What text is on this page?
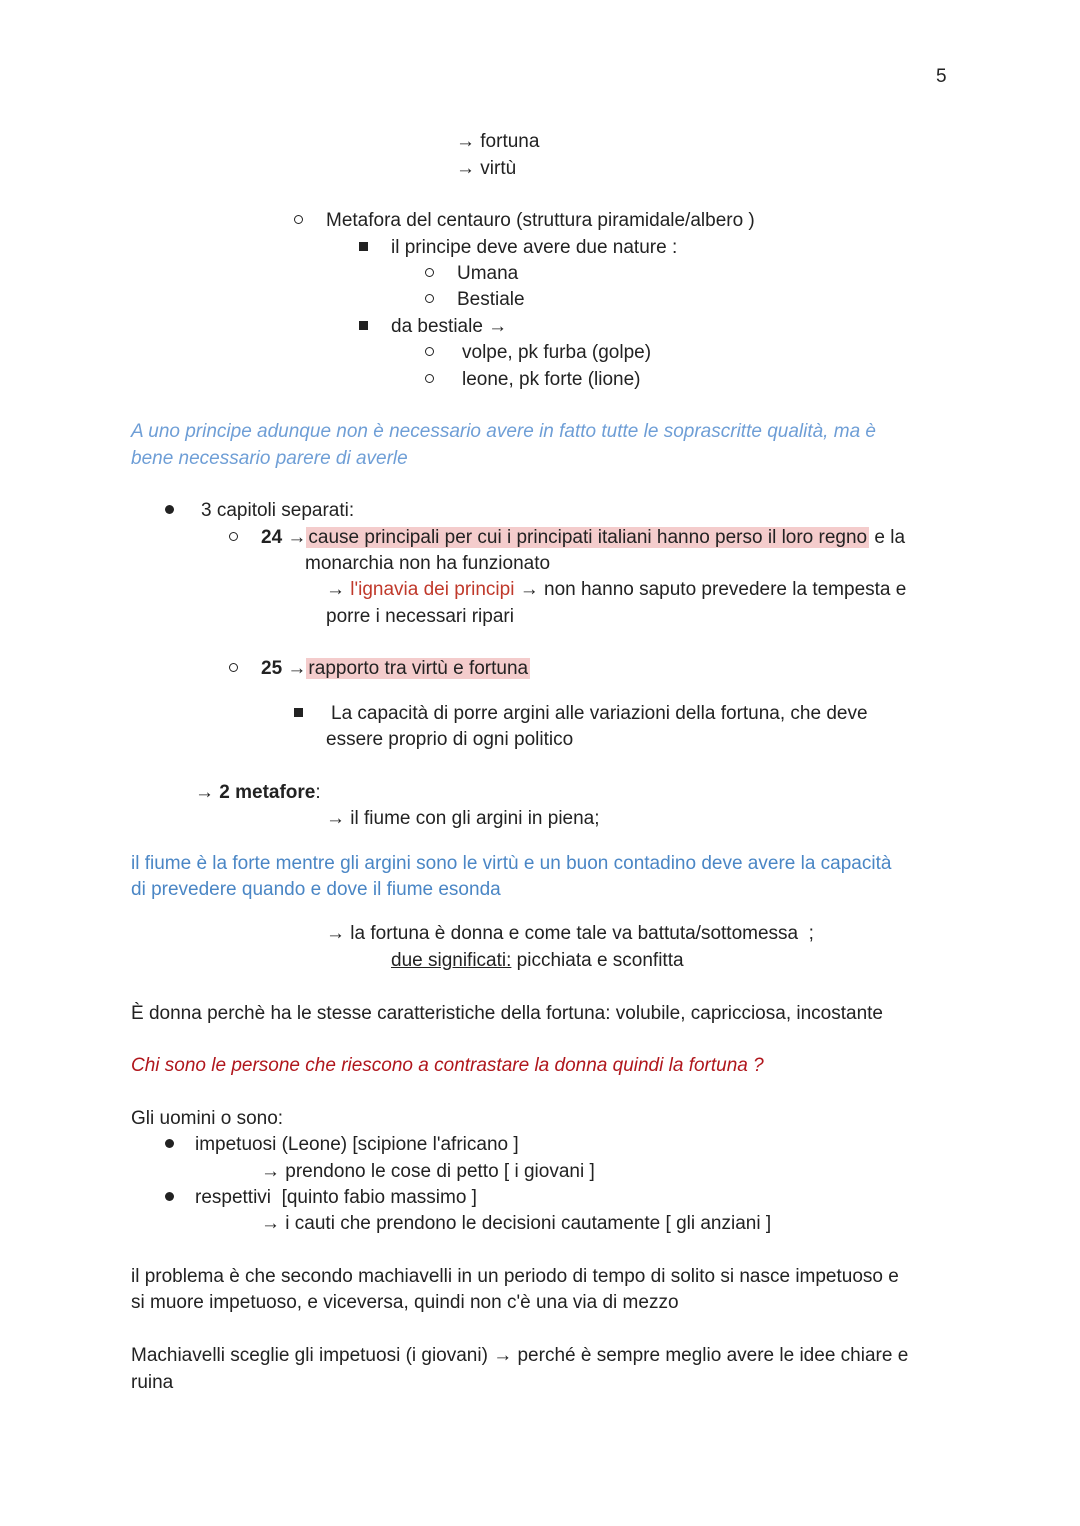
5
→ fortuna
→ virtù
Metafora del centauro (struttura piramidale/albero )
il principe deve avere due nature :
Umana
Bestiale
da bestiale →
volpe, pk furba (golpe)
leone, pk forte (lione)
A uno principe adunque non è necessario avere in fatto tutte le soprascritte qualità, ma è
bene necessario parere di averle
3 capitoli separati:
24 → cause principali per cui i principati italiani hanno perso il loro regno e la
monarchia non ha funzionato
→ l'ignavia dei principi → non hanno saputo prevedere la tempesta e
porre i necessari ripari
25 → rapporto tra virtù e fortuna
La capacità di porre argini alle variazioni della fortuna, che deve
essere proprio di ogni politico
→ 2 metafore:
→ il fiume con gli argini in piena;
il fiume è la forte mentre gli argini sono le virtù e un buon contadino deve avere la capacità
di prevedere quando e dove il fiume esonda
→ la fortuna è donna e come tale va battuta/sottomessa  ;
due significati: picchiata e sconfitta
È donna perchè ha le stesse caratteristiche della fortuna: volubile, capricciosa, incostante
Chi sono le persone che riescono a contrastare la donna quindi la fortuna ?
Gli uomini o sono:
impetuosi (Leone) [scipione l'africano ]
→ prendono le cose di petto [ i giovani ]
respettivi  [quinto fabio massimo ]
→ i cauti che prendono le decisioni cautamente [ gli anziani ]
il problema è che secondo machiavelli in un periodo di tempo di solito si nasce impetuoso e
si muore impetuoso, e viceversa, quindi non c'è una via di mezzo
Machiavelli sceglie gli impetuosi (i giovani) → perché è sempre meglio avere le idee chiare e
ruina
